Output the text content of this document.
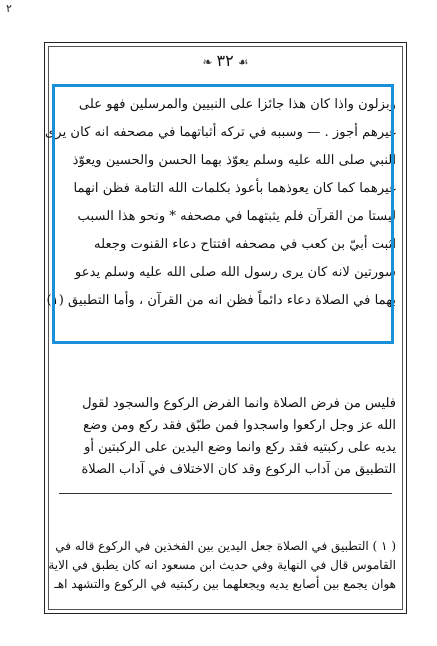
٢
☙٣٢❧
وبزلون واذا كان هذا جائزا على النبيين والمرسلين فهو على
غيرهم أجوز . — وسببه في تركه أثباتهما في مصحفه انه كان يرى
النبي صلى الله عليه وسلم يعوّذ بهما الحسن والحسين ويعوّذ
غيرهما كما كان يعوذهما بأعوذ بكلمات الله التامة فظن انهما
ليستا من القرآن فلم يثبتهما في مصحفه * ونحو هذا السبب
اثبت أبيّ بن كعب في مصحفه افتتاح دعاء القنوت وجعله
سورتين لانه كان يرى رسول الله صلى الله عليه وسلم يدعو
بهما في الصلاة دعاء دائماً فظن انه من القرآن ، وأما التطبيق (١)
فليس من فرض الصلاة وانما الفرض الركوع والسجود لقول
الله عز وجل اركعوا واسجدوا فمن طبّق فقد ركع ومن وضع
يديه على ركبتيه فقد ركع وانما وضع اليدين على الركبتين أو
التطبيق من آداب الركوع وقد كان الاختلاف في آداب الصلاة
( ١ ) التطبيق في الصلاة جعل اليدين بين الفخذين في الركوع قاله في
القاموس قال في النهاية وفي حديث ابن مسعود انه كان يطبق في الاية
هوان يجمع بين أصابع يديه ويجعلهما بين ركبتيه في الركوع والتشهد اهـ
